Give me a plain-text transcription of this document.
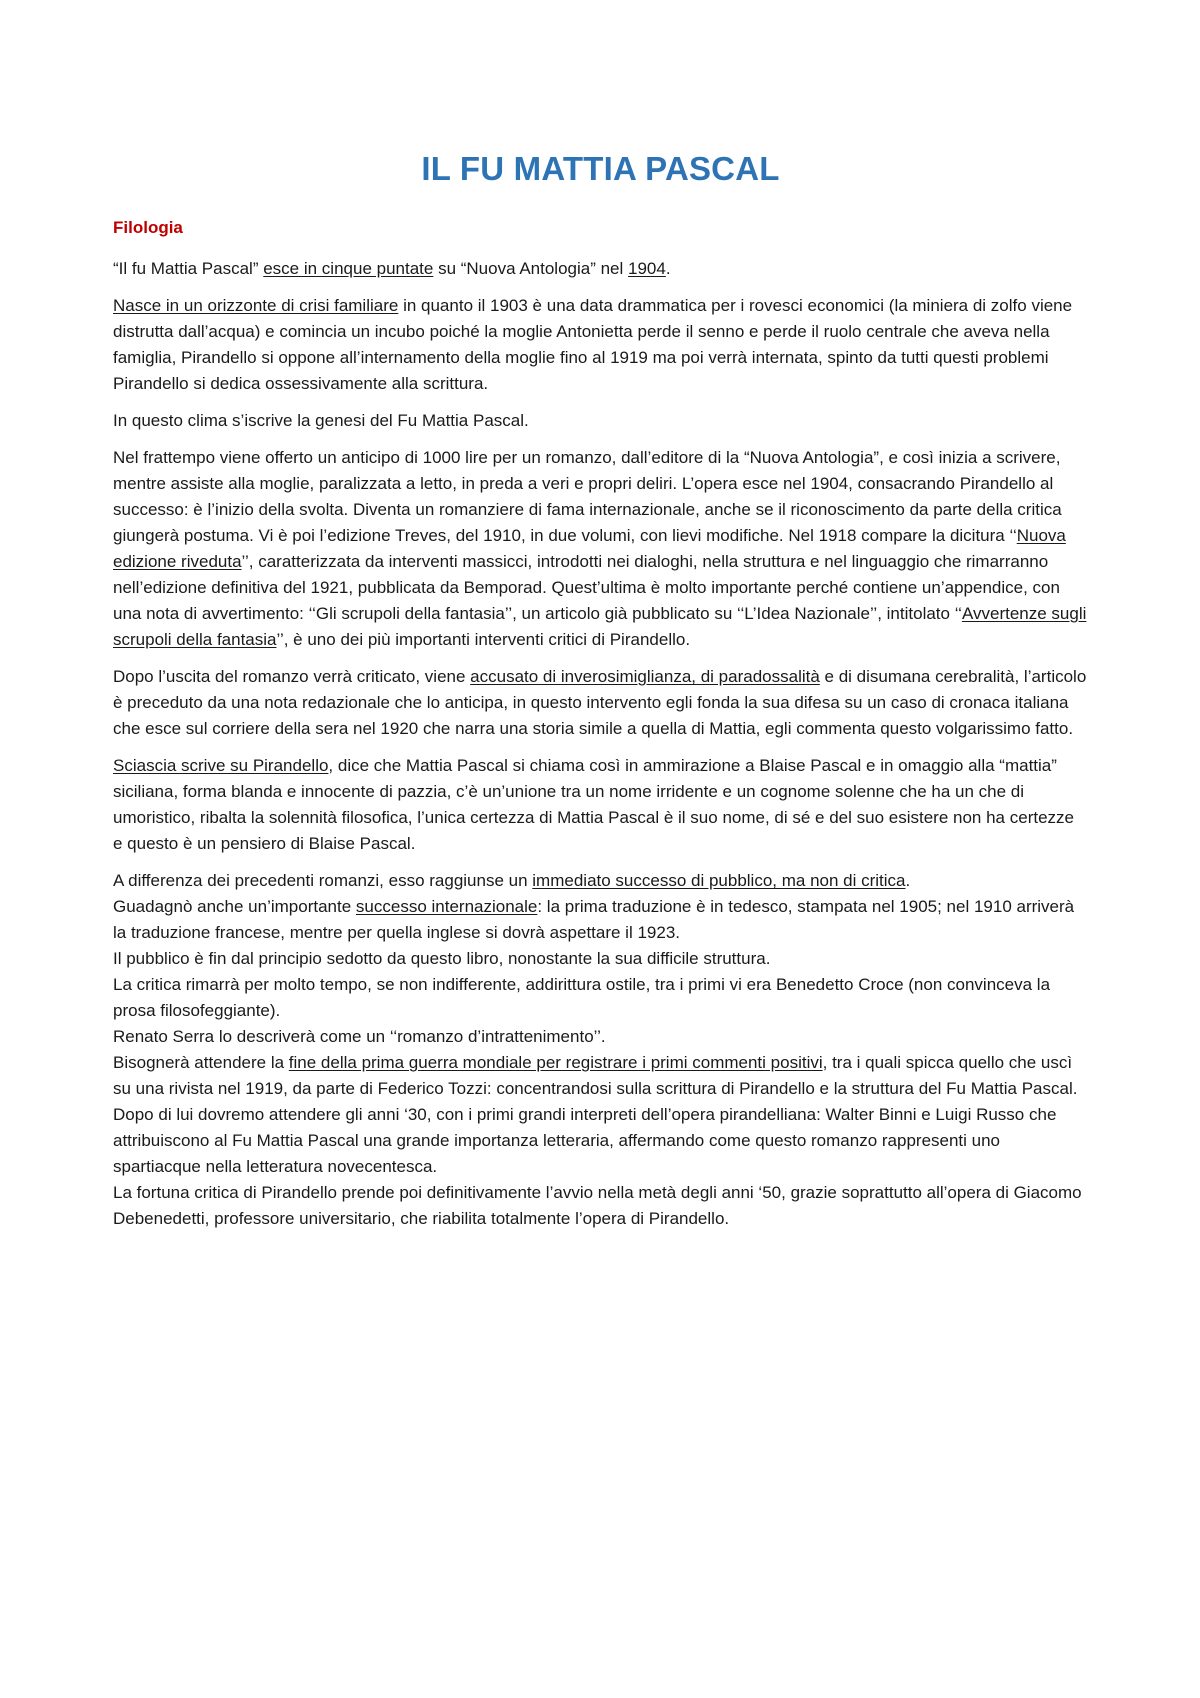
IL FU MATTIA PASCAL
Filologia

“Il fu Mattia Pascal” esce in cinque puntate su “Nuova Antologia” nel 1904.

Nasce in un orizzonte di crisi familiare in quanto il 1903 è una data drammatica per i rovesci economici (la miniera di zolfo viene distrutta dall’acqua) e comincia un incubo poiché la moglie Antonietta perde il senno e perde il ruolo centrale che aveva nella famiglia, Pirandello si oppone all’internamento della moglie fino al 1919 ma poi verrà internata, spinto da tutti questi problemi Pirandello si dedica ossessivamente alla scrittura.

In questo clima s’iscrive la genesi del Fu Mattia Pascal.

Nel frattempo viene offerto un anticipo di 1000 lire per un romanzo, dall’editore di la “Nuova Antologia”, e così inizia a scrivere, mentre assiste alla moglie, paralizzata a letto, in preda a veri e propri deliri. L’opera esce nel 1904, consacrando Pirandello al successo: è l’inizio della svolta. Diventa un romanziere di fama internazionale, anche se il riconoscimento da parte della critica giungerà postuma. Vi è poi l’edizione Treves, del 1910, in due volumi, con lievi modifiche. Nel 1918 compare la dicitura ‘‘Nuova edizione riveduta’’, caratterizzata da interventi massicci, introdotti nei dialoghi, nella struttura e nel linguaggio che rimarranno nell’edizione definitiva del 1921, pubblicata da Bemporad. Quest’ultima è molto importante perché contiene un’appendice, con una nota di avvertimento: ‘‘Gli scrupoli della fantasia’’, un articolo già pubblicato su ‘‘L’Idea Nazionale’’, intitolato ‘‘Avvertenze sugli scrupoli della fantasia’’, è uno dei più importanti interventi critici di Pirandello.

Dopo l’uscita del romanzo verrà criticato, viene accusato di inverosimiglianza, di paradossalità e di disumana cerebralità, l’articolo è preceduto da una nota redazionale che lo anticipa, in questo intervento egli fonda la sua difesa su un caso di cronaca italiana che esce sul corriere della sera nel 1920 che narra una storia simile a quella di Mattia, egli commenta questo volgarissimo fatto.

Sciascia scrive su Pirandello, dice che Mattia Pascal si chiama così in ammirazione a Blaise Pascal e in omaggio alla “mattia” siciliana, forma blanda e innocente di pazzia, c’è un’unione tra un nome irridente e un cognome solenne che ha un che di umoristico, ribalta la solennità filosofica, l’unica certezza di Mattia Pascal è il suo nome, di sé e del suo esistere non ha certezze e questo è un pensiero di Blaise Pascal.

A differenza dei precedenti romanzi, esso raggiunse un immediato successo di pubblico, ma non di critica.

Guadagnò anche un’importante successo internazionale: la prima traduzione è in tedesco, stampata nel 1905; nel 1910 arriverà la traduzione francese, mentre per quella inglese si dovrà aspettare il 1923.

Il pubblico è fin dal principio sedotto da questo libro, nonostante la sua difficile struttura.

La critica rimarrà per molto tempo, se non indifferente, addirittura ostile, tra i primi vi era Benedetto Croce (non convinceva la prosa filosofeggiante).

Renato Serra lo descriverà come un ‘‘romanzo d’intrattenimento’’.

Bisognerà attendere la fine della prima guerra mondiale per registrare i primi commenti positivi, tra i quali spicca quello che uscì su una rivista nel 1919, da parte di Federico Tozzi: concentrandosi sulla scrittura di Pirandello e la struttura del Fu Mattia Pascal.

Dopo di lui dovremo attendere gli anni ‘30, con i primi grandi interpreti dell’opera pirandelliana: Walter Binni e Luigi Russo che attribuiscono al Fu Mattia Pascal una grande importanza letteraria, affermando come questo romanzo rappresenti uno spartiacque nella letteratura novecentesca.

La fortuna critica di Pirandello prende poi definitivamente l’avvio nella metà degli anni ‘50, grazie soprattutto all’opera di Giacomo Debenedetti, professore universitario, che riabilita totalmente l’opera di Pirandello.
